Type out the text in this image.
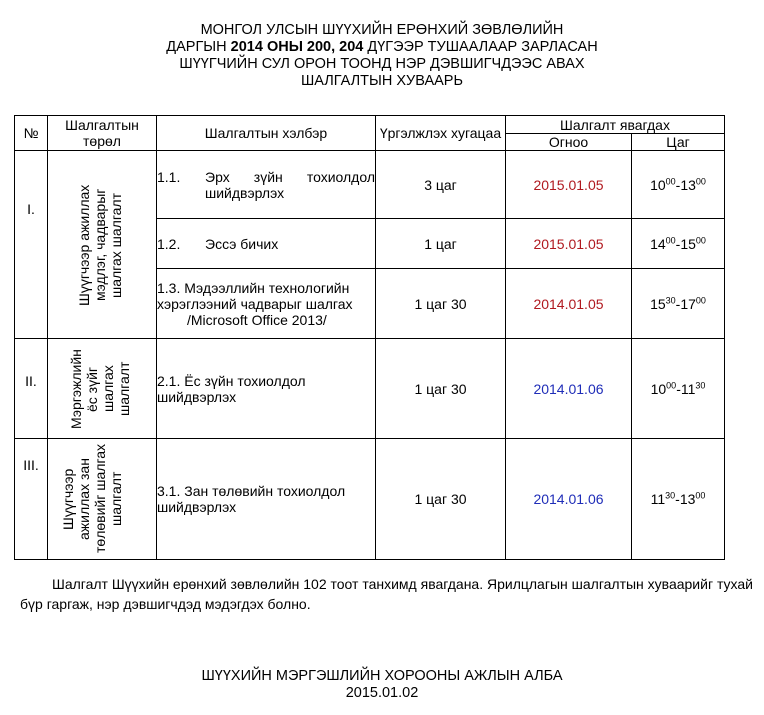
МОНГОЛ УЛСЫН ШҮҮХИЙН ЕРӨНХИЙ ЗӨВЛӨЛИЙН
ДАРГЫН 2014 ОНЫ 200, 204 ДҮГЭЭР ТУШААЛААР ЗАРЛАСАН
ШҮҮГЧИЙН СУЛ ОРОН ТООНД НЭР ДЭВШИГЧДЭЭС АВАХ
ШАЛГАЛТЫН ХУВААРЬ
№	Шалгалтын төрөл	Шалгалтын хэлбэр	Үргэлжлэх хугацаа	Шалгалт явагдах	
				Огноо	Цаг

I.	Шүүгчээр ажиллах мэдлэг, чадварыг шалгах шалгалт	1.1. Эрх зүйн тохиолдол шийдвэрлэх	3 цаг	2015.01.05	$10^{00}-13^{00}$

		1.2. Эссэ бичих	1 цаг	2015.01.05	$14^{00}-15^{00}$

		1.3. Мэдээллийн технологийн хэрэглээний чадварыг шалгах
/Microsoft Office 2013/	1 цаг 30	2014.01.05	$15^{30}-17^{00}$

II.	Мэргэжлийн ёс зүйг шалгах шалгалт	2.1. Ёс зүйн тохиолдол шийдвэрлэх	1 цаг 30	2014.01.06	$10^{00}-11^{30}$

III.	Шүүгчээр ажиллах зан төлөвийг шалгах шалгалт	3.1. Зан төлөвийн тохиолдол шийдвэрлэх	1 цаг 30	2014.01.06	$11^{30}-13^{00}$
Шалгалт Шүүхийн ерөнхий зөвлөлийн 102 тоот танхимд явагдана. Ярилцлагын шалгалтын хуваарийг тухай бүр гаргаж, нэр дэвшигчдэд мэдэгдэх болно.
ШҮҮХИЙН МЭРГЭШЛИЙН ХОРООНЫ АЖЛЫН АЛБА
2015.01.02
